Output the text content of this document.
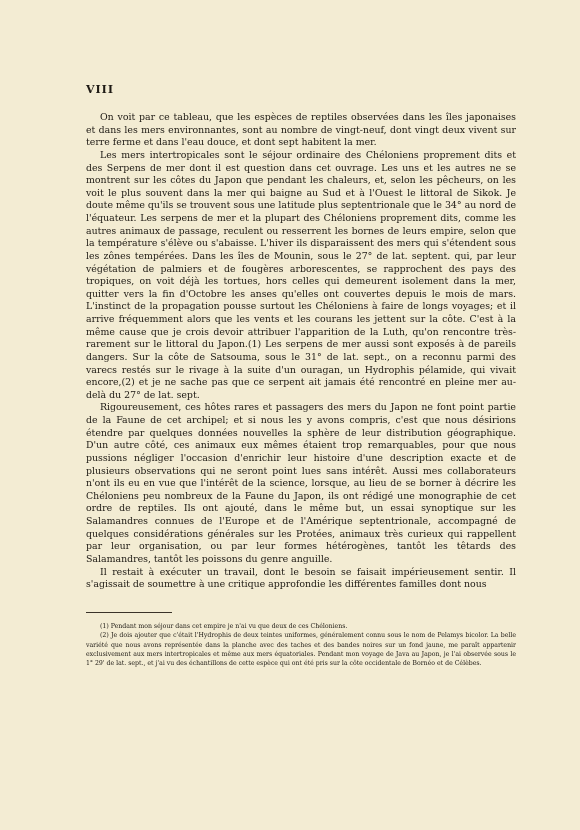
VIII

On voit par ce tableau, que les espèces de reptiles observées dans les îles japonaises et dans les mers environnantes, sont au nombre de vingt-neuf, dont vingt deux vivent sur terre ferme et dans l'eau douce, et dont sept habitent la mer.

Les mers intertropicales sont le séjour ordinaire des Chéloniens proprement dits et des Serpens de mer dont il est question dans cet ouvrage. Les uns et les autres ne se montrent sur les côtes du Japon que pendant les chaleurs, et, selon les pêcheurs, on les voit le plus souvent dans la mer qui baigne au Sud et à l'Ouest le littoral de Sikok. Je doute même qu'ils se trouvent sous une latitude plus septentrionale que le 34° au nord de l'équateur. Les serpens de mer et la plupart des Chéloniens proprement dits, comme les autres animaux de passage, reculent ou resserrent les bornes de leurs empire, selon que la température s'élève ou s'abaisse. L'hiver ils disparaissent des mers qui s'étendent sous les zônes tempérées. Dans les îles de Mounin, sous le 27° de lat. septent. qui, par leur végétation de palmiers et de fougères arborescentes, se rapprochent des pays des tropiques, on voit déjà les tortues, hors celles qui demeurent isolement dans la mer, quitter vers la fin d'Octobre les anses qu'elles ont couvertes depuis le mois de mars. L'instinct de la propagation pousse surtout les Chéloniens à faire de longs voyages; et il arrive fréquemment alors que les vents et les courans les jettent sur la côte. C'est à la même cause que je crois devoir attribuer l'apparition de la Luth, qu'on rencontre très-rarement sur le littoral du Japon.(1) Les serpens de mer aussi sont exposés à de pareils dangers. Sur la côte de Satsouma, sous le 31° de lat. sept., on a reconnu parmi des varecs restés sur le rivage à la suite d'un ouragan, un Hydrophis pélamide, qui vivait encore,(2) et je ne sache pas que ce serpent ait jamais été rencontré en pleine mer au-delà du 27° de lat. sept.

Rigoureusement, ces hôtes rares et passagers des mers du Japon ne font point partie de la Faune de cet archipel; et si nous les y avons compris, c'est que nous désirions étendre par quelques données nouvelles la sphère de leur distribution géographique. D'un autre côté, ces animaux eux mêmes étaient trop remarquables, pour que nous pussions négliger l'occasion d'enrichir leur histoire d'une description exacte et de plusieurs observations qui ne seront point lues sans intérêt. Aussi mes collaborateurs n'ont ils eu en vue que l'intérêt de la science, lorsque, au lieu de se borner à décrire les Chéloniens peu nombreux de la Faune du Japon, ils ont rédigé une monographie de cet ordre de reptiles. Ils ont ajouté, dans le même but, un essai synoptique sur les Salamandres connues de l'Europe et de l'Amérique septentrionale, accompagné de quelques considérations générales sur les Protées, animaux très curieux qui rappellent par leur organisation, ou par leur formes hétérogènes, tantôt les têtards des Salamandres, tantôt les poissons du genre anguille.

Il restait à exécuter un travail, dont le besoin se faisait impérieusement sentir. Il s'agissait de soumettre à une critique approfondie les différentes familles dont nous

(1) Pendant mon séjour dans cet empire je n'ai vu que deux de ces Chéloniens.

(2) Je dois ajouter que c'était l'Hydrophis de deux teintes uniformes, généralement connu sous le nom de Pelamys bicolor. La belle variété que nous avons représentée dans la planche avec des taches et des bandes noires sur un fond jaune, me paraît appartenir exclusivement aux mers intertropicales et même aux mers équatoriales. Pendant mon voyage de Java au Japon, je l'ai observée sous le 1° 29' de lat. sept., et j'ai vu des échantillons de cette espèce qui ont été pris sur la côte occidentale de Bornéo et de Célèbes.
